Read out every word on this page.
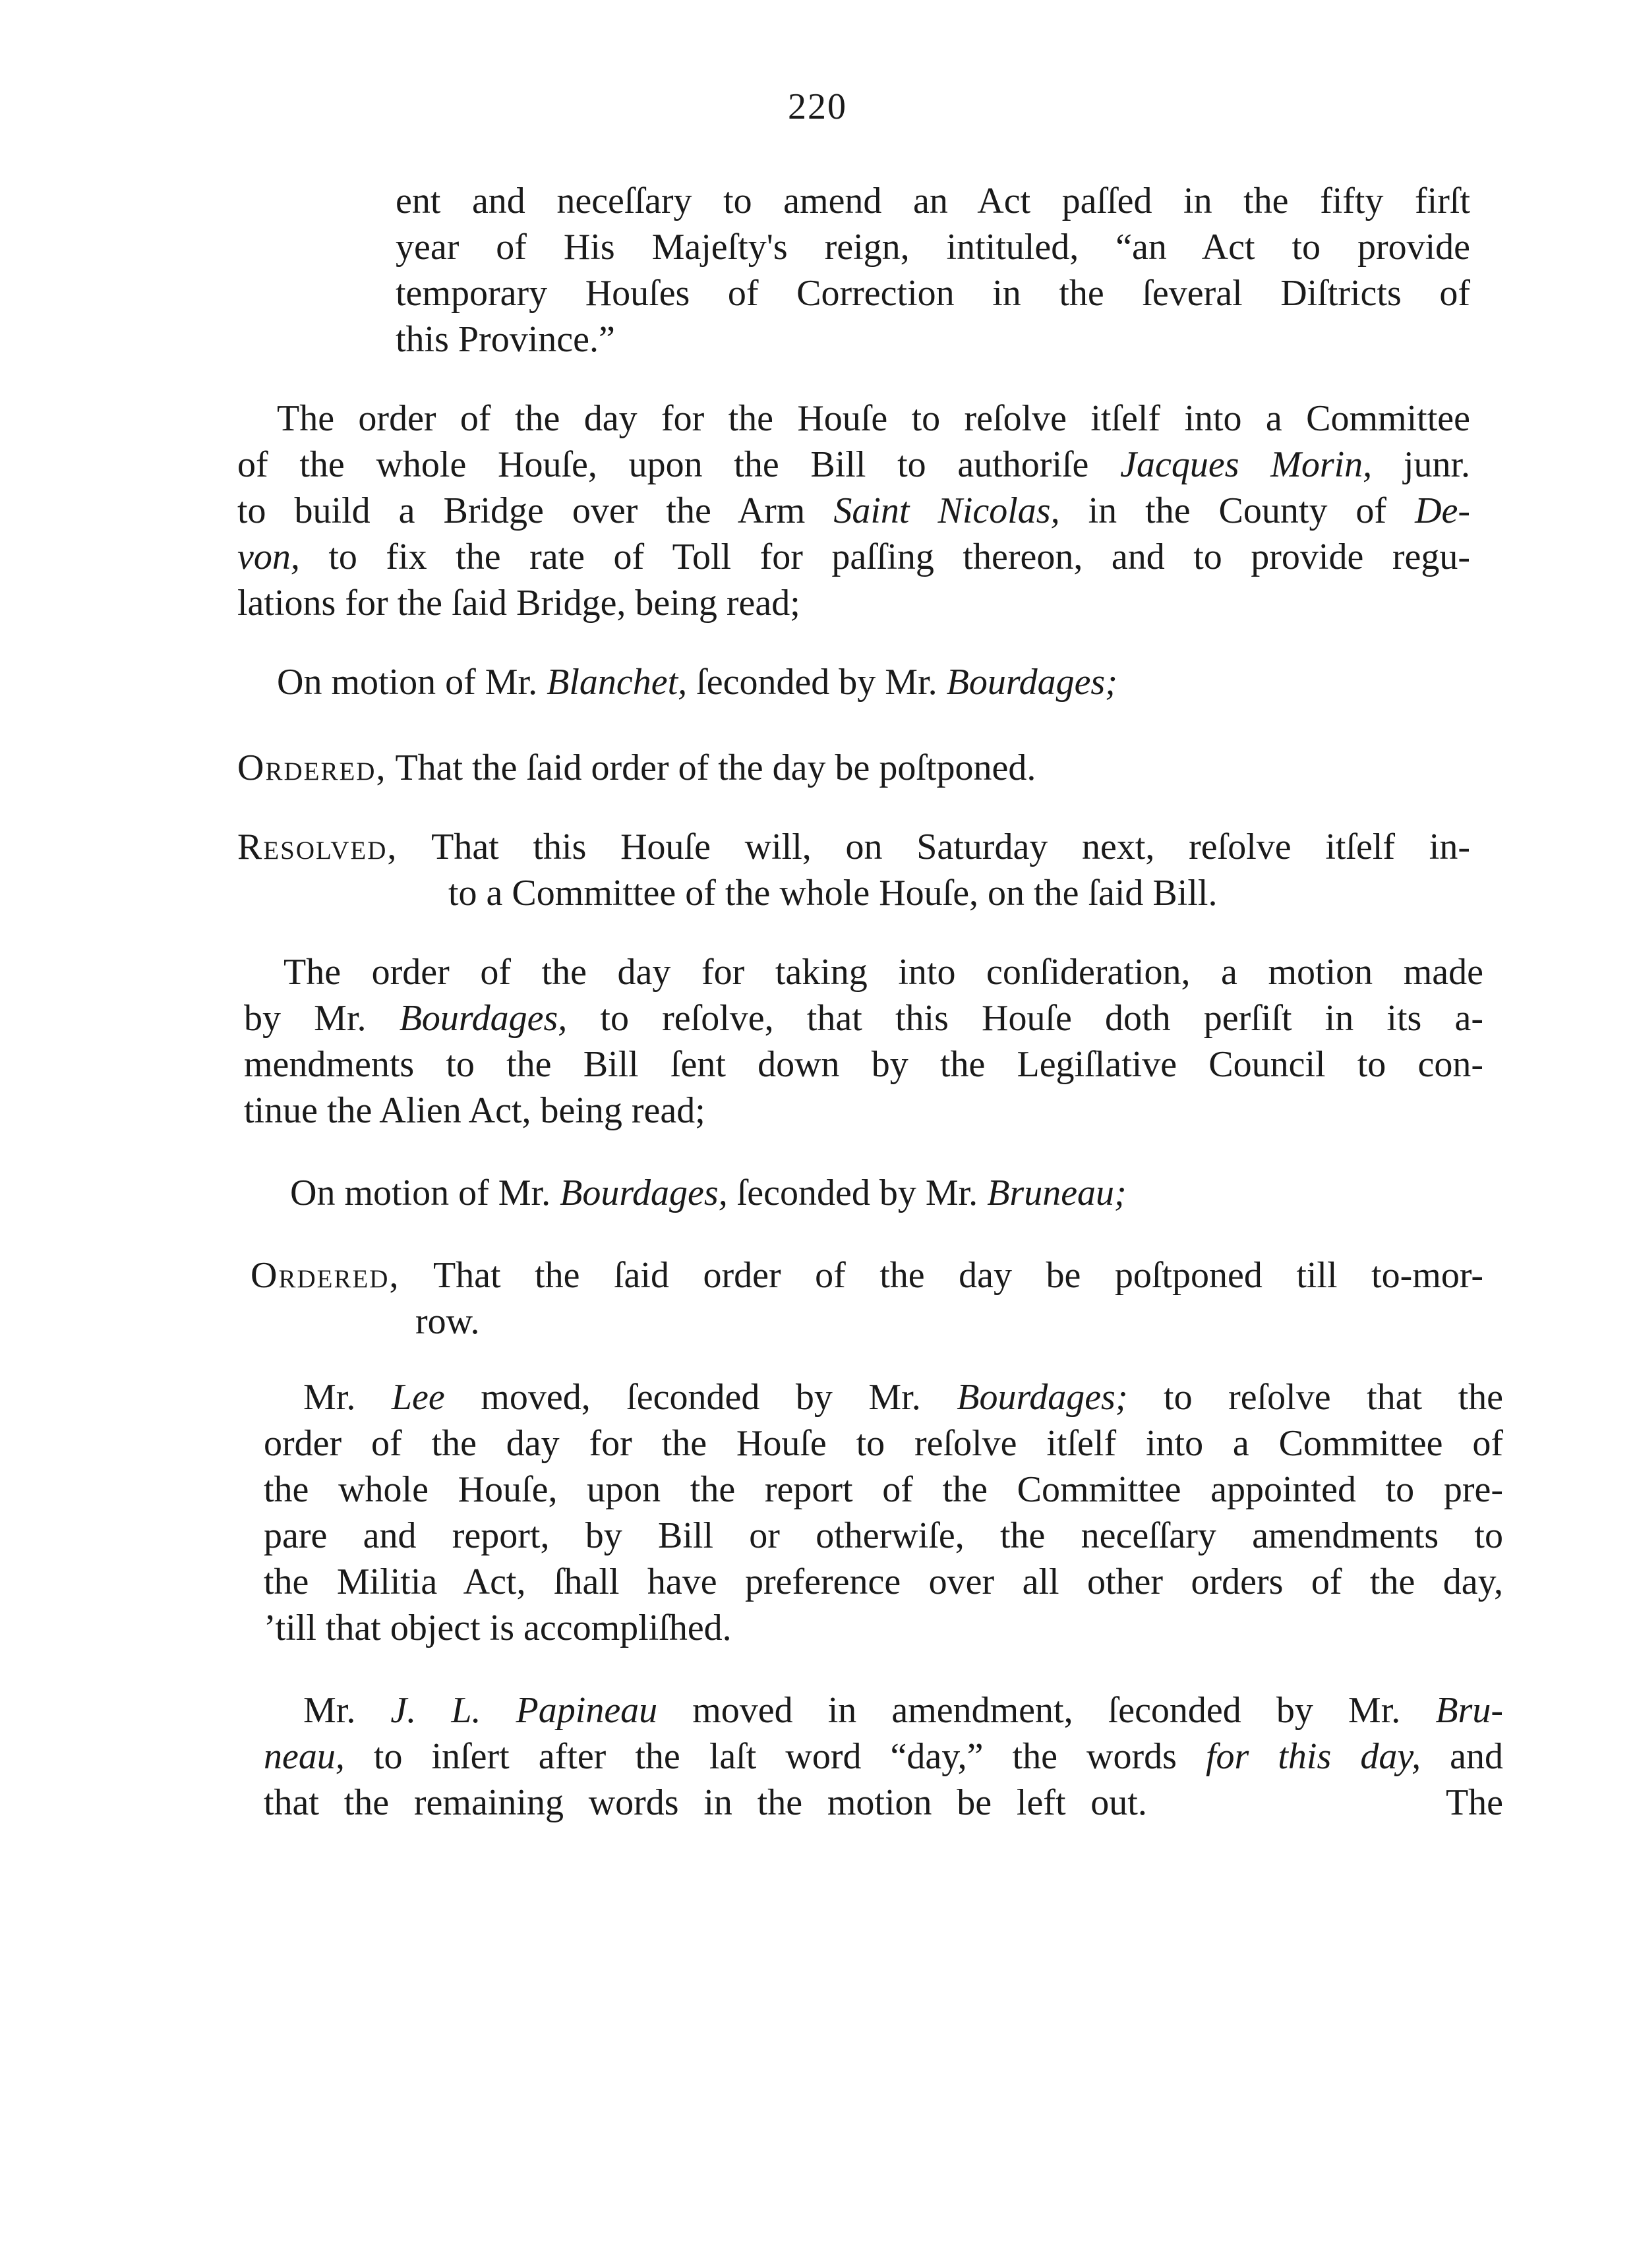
220
ent and neceſſary to amend an Act paſſed in the fifty firſt
year of His Majeſty's reign, intituled, “an Act to provide
temporary Houſes of Correction in the ſeveral Diſtricts of
this Province.”
The order of the day for the Houſe to reſolve itſelf into a Committee
of the whole Houſe, upon the Bill to authoriſe Jacques Morin, junr.
to build a Bridge over the Arm Saint Nicolas, in the County of De-
von, to fix the rate of Toll for paſſing thereon, and to provide regu-
lations for the ſaid Bridge, being read;
On motion of Mr. Blanchet, ſeconded by Mr. Bourdages;
Ordered, That the ſaid order of the day be poſtponed.
Resolved, That this Houſe will, on Saturday next, reſolve itſelf in-
to a Committee of the whole Houſe, on the ſaid Bill.
The order of the day for taking into conſideration, a motion made
by Mr. Bourdages, to reſolve, that this Houſe doth perſiſt in its a-
mendments to the Bill ſent down by the Legiſlative Council to con-
tinue the Alien Act, being read;
On motion of Mr. Bourdages, ſeconded by Mr. Bruneau;
Ordered, That the ſaid order of the day be poſtponed till to-mor-
row.
Mr. Lee moved, ſeconded by Mr. Bourdages; to reſolve that the
order of the day for the Houſe to reſolve itſelf into a Committee of
the whole Houſe, upon the report of the Committee appointed to pre-
pare and report, by Bill or otherwiſe, the neceſſary amendments to
the Militia Act, ſhall have preference over all other orders of the day,
’till that object is accompliſhed.
Mr. J. L. Papineau moved in amendment, ſeconded by Mr. Bru-
neau, to inſert after the laſt word “day,” the words for this day, and
that the remaining words in the motion be left out.	The
